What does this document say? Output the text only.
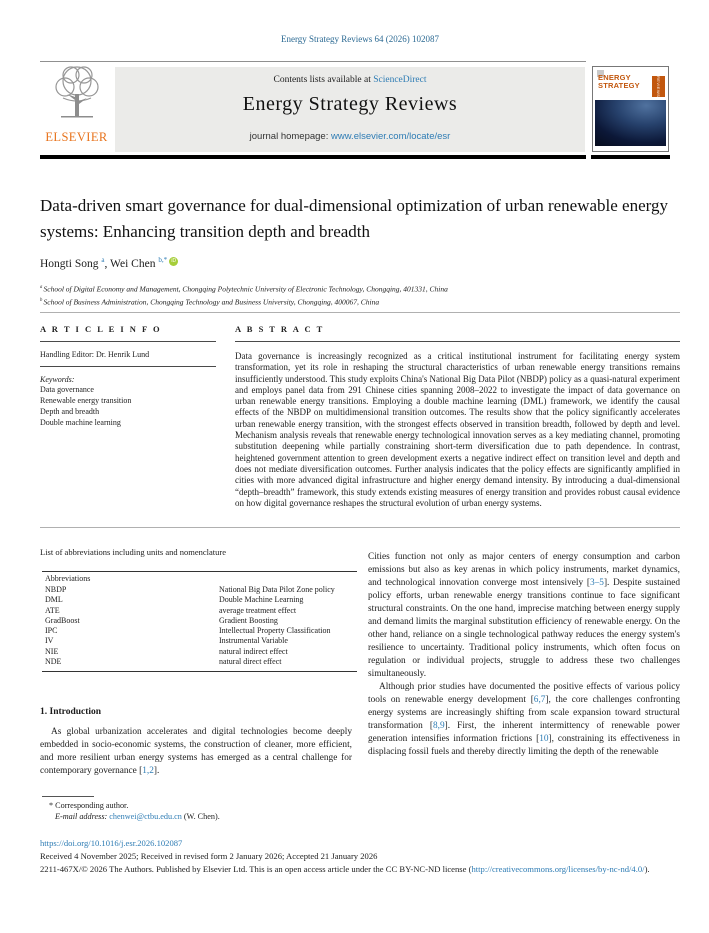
Energy Strategy Reviews 64 (2026) 102087
ELSEVIER
Contents lists available at ScienceDirect
Energy Strategy Reviews
journal homepage: www.elsevier.com/locate/esr
ENERGY
STRATEGY	REVIEWS
Data-driven smart governance for dual-dimensional optimization of urban renewable energy systems: Enhancing transition depth and breadth
Hongti Song $^a$, Wei Chen $^{b,*}$iD
$^a$ School of Digital Economy and Management, Chongqing Polytechnic University of Electronic Technology, Chongqing, 401331, China
$^b$ School of Business Administration, Chongqing Technology and Business University, Chongqing, 400067, China
A R T I C L E I N F O
Handling Editor: Dr. Henrik Lund
Keywords:
Data governance
Renewable energy transition
Depth and breadth
Double machine learning
A B S T R A C T
Data governance is increasingly recognized as a critical institutional instrument for facilitating energy system transformation, yet its role in reshaping the structural characteristics of urban renewable energy transitions remains insufficiently understood. This study exploits China's National Big Data Pilot (NBDP) policy as a quasi-natural experiment and employs panel data from 291 Chinese cities spanning 2008–2022 to investigate the impact of data governance on urban renewable energy transitions. Employing a double machine learning (DML) framework, we identify the causal effects of the NBDP on multidimensional transition outcomes. The results show that the policy significantly accelerates urban renewable energy transition, with the strongest effects observed in transition breadth, followed by depth and level. Mechanism analysis reveals that renewable energy technological innovation serves as a key mediating channel, promoting substitution deepening while partially constraining short-term diversification due to path dependence. In contrast, heightened government attention to green development exerts a negative indirect effect on transition level and depth and does not mediate diversification outcomes. Further analysis indicates that the policy effects are significantly amplified in cities with more advanced digital infrastructure and higher energy demand intensity. By introducing a dual-dimensional “depth–breadth” framework, this study extends existing measures of energy transition and provides robust causal evidence on how digital governance reshapes the structural evolution of urban energy systems.
List of abbreviations including units and nomenclature
Abbreviations
NBDP	National Big Data Pilot Zone policy
DML	Double Machine Learning
ATE	average treatment effect
GradBoost	Gradient Boosting
IPC	Intellectual Property Classification
IV	Instrumental Variable
NIE	natural indirect effect
NDE	natural direct effect

Cities function not only as major centers of energy consumption and carbon emissions but also as key arenas in which policy instruments, market dynamics, and technological innovation converge most intensively [3–5]. Despite sustained policy efforts, urban renewable energy transitions continue to face significant structural constraints. On the one hand, imprecise matching between energy supply and demand limits the marginal substitution efficiency of renewable energy. On the other hand, reliance on a single technological pathway reduces the energy system's resilience to uncertainty. Traditional policy instruments, which often focus on regulation or individual projects, struggle to address these two challenges simultaneously.

Although prior studies have documented the positive effects of various policy tools on renewable energy development [6,7], the core challenges confronting energy systems are increasingly shifting from scale expansion toward structural transformation [8,9]. First, the inherent intermittency of renewable power generation intensifies information frictions [10], constraining its effectiveness in displacing fossil fuels and thereby directly limiting the depth of the renewable

1. Introduction
As global urbanization accelerates and digital technologies become deeply embedded in socio-economic systems, the construction of cleaner, more efficient, and more resilient urban energy systems has emerged as a central challenge for contemporary governance [1,2].
* Corresponding author.
E-mail address: chenwei@ctbu.edu.cn (W. Chen).
https://doi.org/10.1016/j.esr.2026.102087
Received 4 November 2025; Received in revised form 2 January 2026; Accepted 21 January 2026
2211-467X/© 2026 The Authors. Published by Elsevier Ltd. This is an open access article under the CC BY-NC-ND license (http://creativecommons.org/licenses/by-nc-nd/4.0/).
